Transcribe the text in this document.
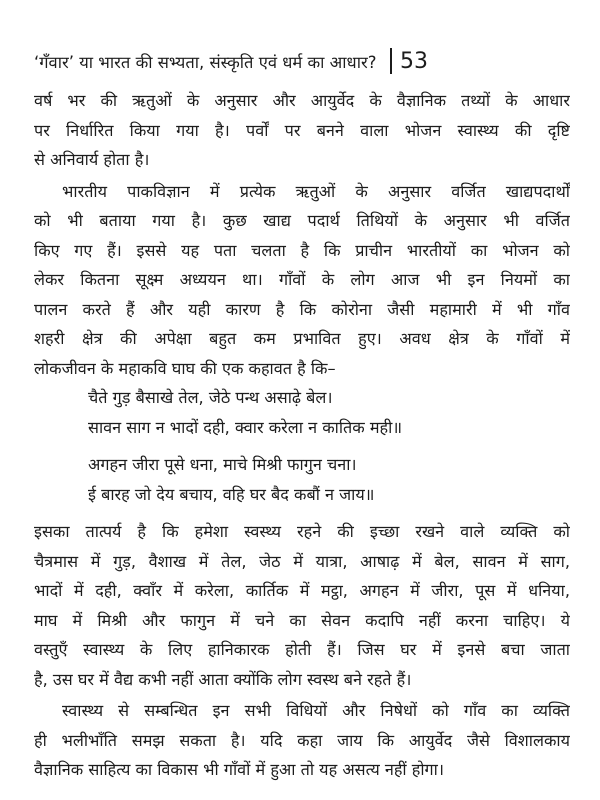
‘गँवार’ या भारत की सभ्यता, संस्कृति एवं धर्म का आधार? 53
वर्ष भर की ऋतुओं के अनुसार और आयुर्वेद के वैज्ञानिक तथ्यों के आधार
पर निर्धारित किया गया है। पर्वों पर बनने वाला भोजन स्वास्थ्य की दृष्टि
से अनिवार्य होता है।
भारतीय पाकविज्ञान में प्रत्येक ऋतुओं के अनुसार वर्जित खाद्यपदार्थों
को भी बताया गया है। कुछ खाद्य पदार्थ तिथियों के अनुसार भी वर्जित
किए गए हैं। इससे यह पता चलता है कि प्राचीन भारतीयों का भोजन को
लेकर कितना सूक्ष्म अध्ययन था। गाँवों के लोग आज भी इन नियमों का
पालन करते हैं और यही कारण है कि कोरोना जैसी महामारी में भी गाँव
शहरी क्षेत्र की अपेक्षा बहुत कम प्रभावित हुए। अवध क्षेत्र के गाँवों में
लोकजीवन के महाकवि घाघ की एक कहावत है कि–
चैते गुड़ बैसाखे तेल, जेठे पन्थ असाढ़े बेल।
सावन साग न भादों दही, क्वार करेला न कातिक मही॥
अगहन जीरा पूसे धना, माचे मिश्री फागुन चना।
ई बारह जो देय बचाय, वहि घर बैद कबौं न जाय॥
इसका तात्पर्य है कि हमेशा स्वस्थ्य रहने की इच्छा रखने वाले व्यक्ति को
चैत्रमास में गुड़, वैशाख में तेल, जेठ में यात्रा, आषाढ़ में बेल, सावन में साग,
भादों में दही, क्वाँर में करेला, कार्तिक में मट्ठा, अगहन में जीरा, पूस में धनिया,
माघ में मिश्री और फागुन में चने का सेवन कदापि नहीं करना चाहिए। ये
वस्तुएँ स्वास्थ्य के लिए हानिकारक होती हैं। जिस घर में इनसे बचा जाता
है, उस घर में वैद्य कभी नहीं आता क्योंकि लोग स्वस्थ बने रहते हैं।
स्वास्थ्य से सम्बन्धित इन सभी विधियों और निषेधों को गाँव का व्यक्ति
ही भलीभाँति समझ सकता है। यदि कहा जाय कि आयुर्वेद जैसे विशालकाय
वैज्ञानिक साहित्य का विकास भी गाँवों में हुआ तो यह असत्य नहीं होगा।
